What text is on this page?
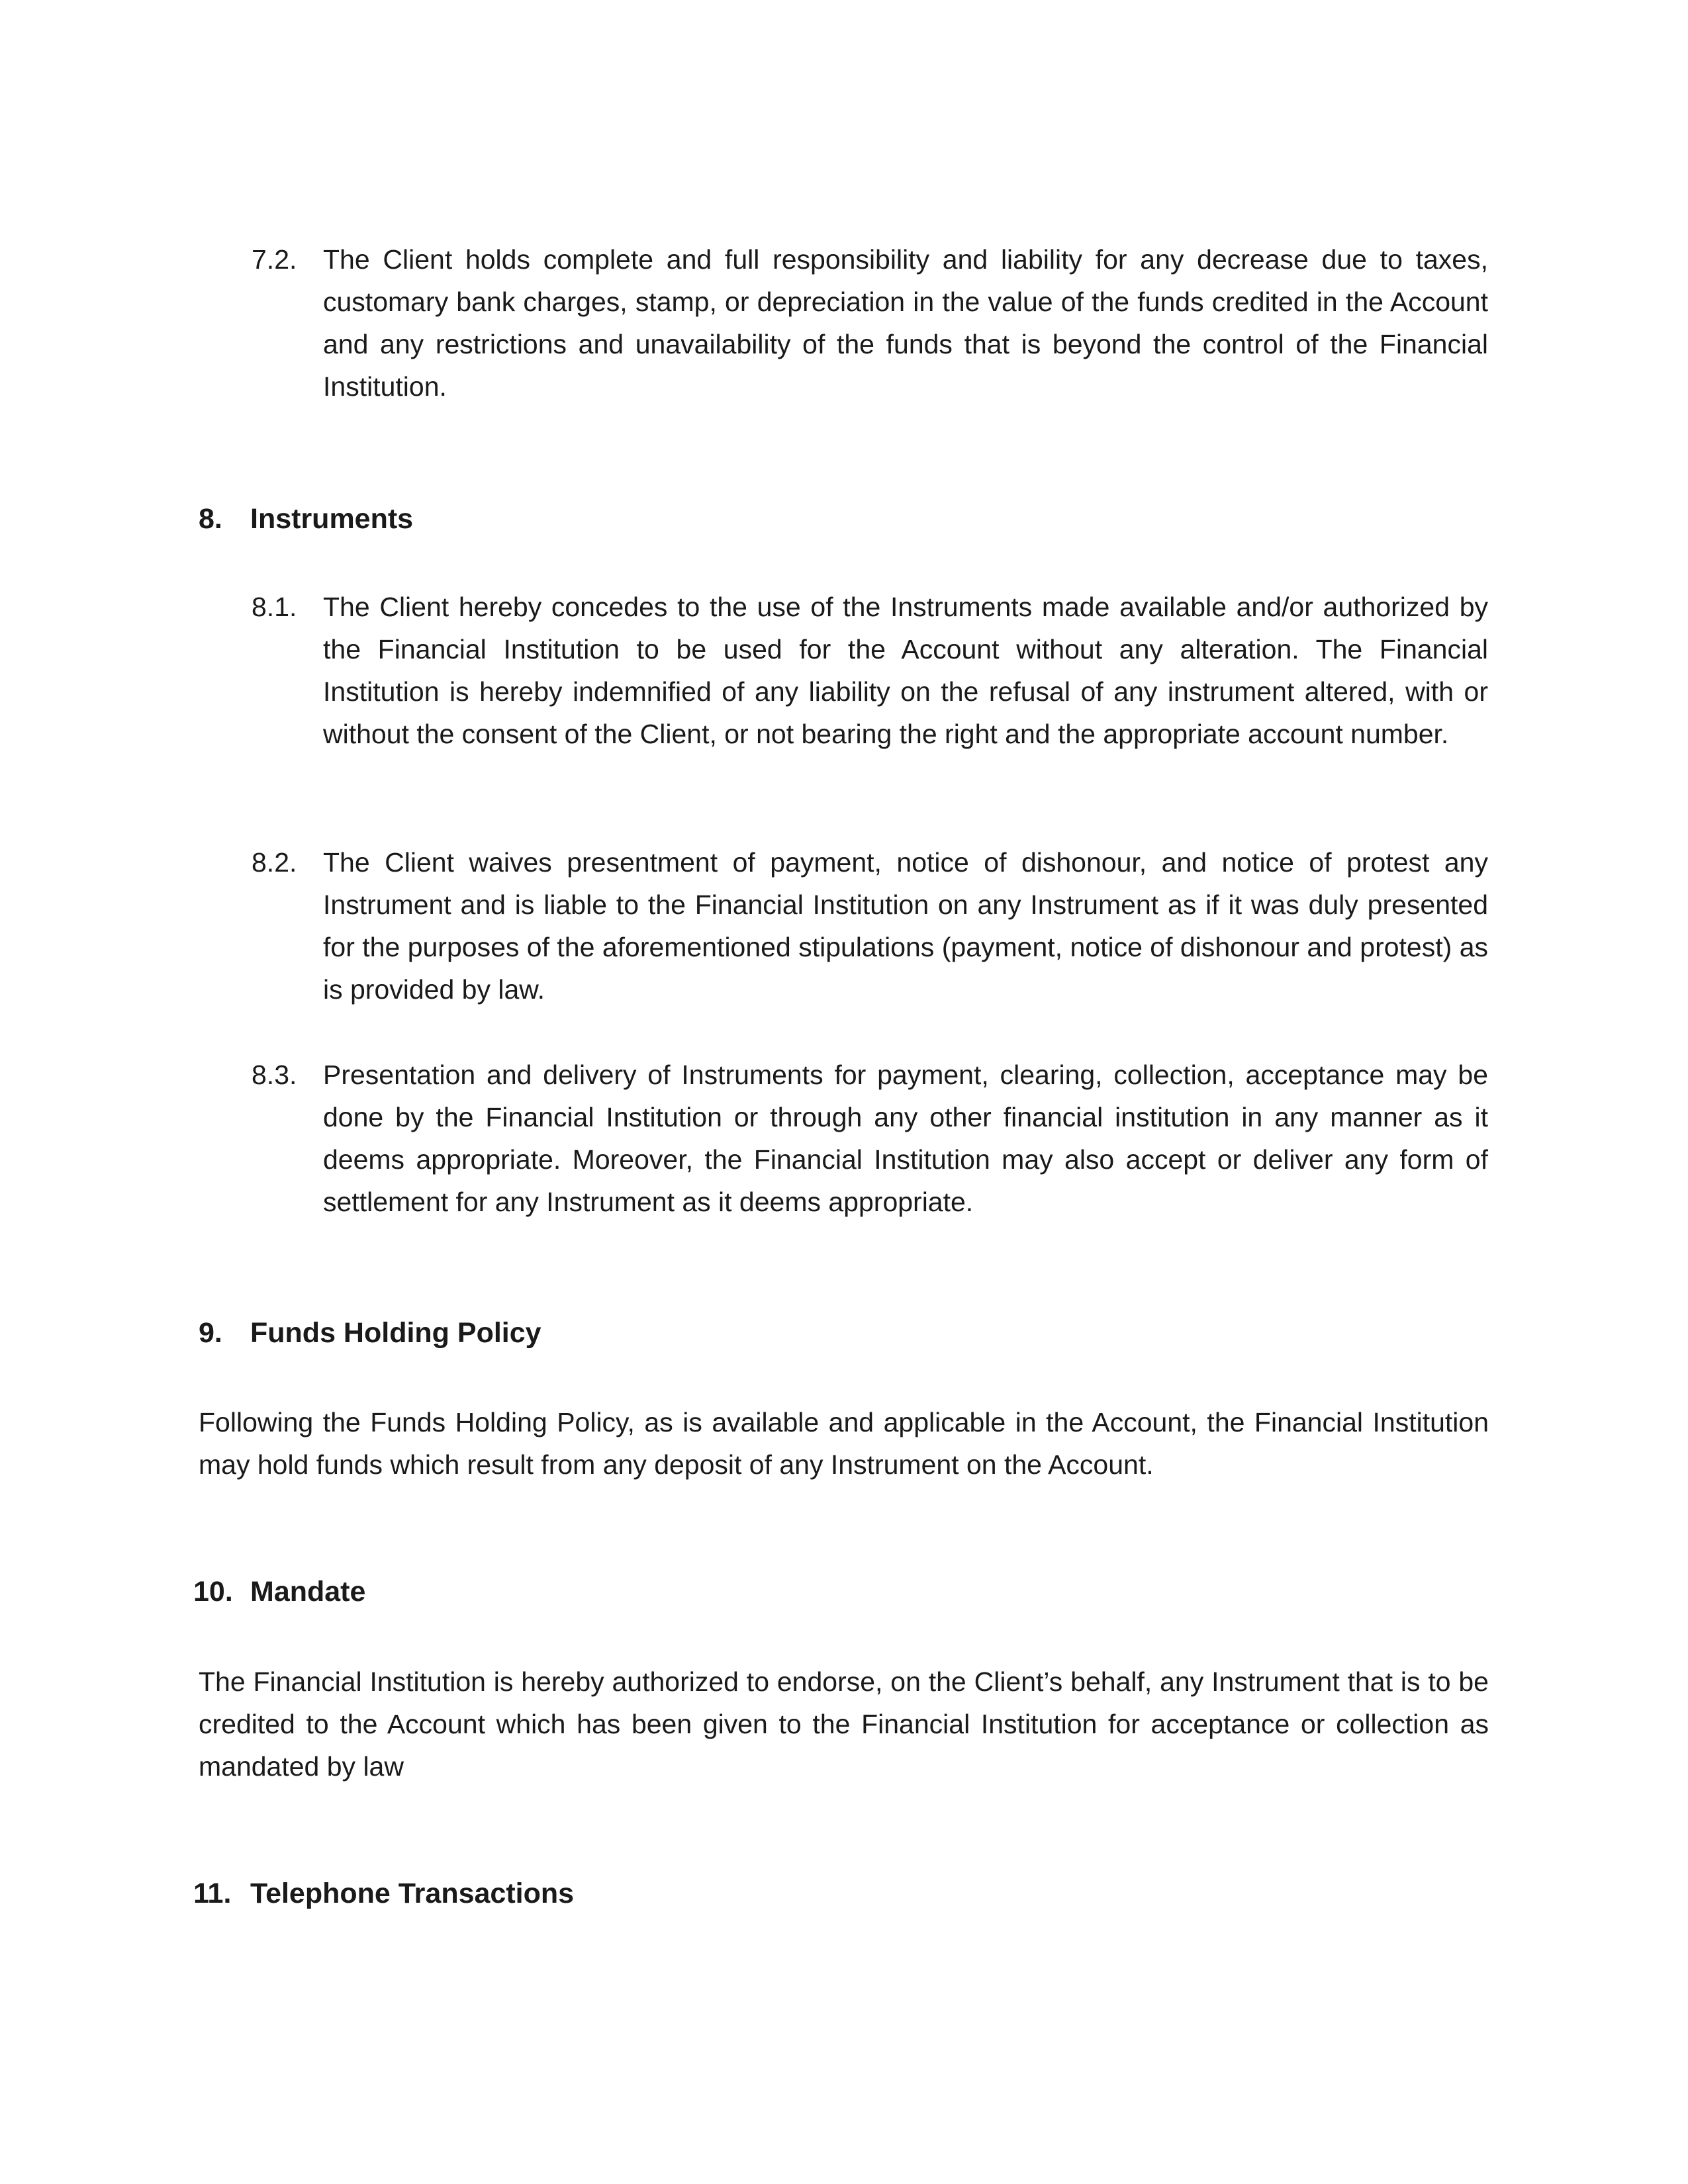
7.2. The Client holds complete and full responsibility and liability for any decrease due to taxes, customary bank charges, stamp, or depreciation in the value of the funds credited in the Account and any restrictions and unavailability of the funds that is beyond the control of the Financial Institution.
8. Instruments
8.1. The Client hereby concedes to the use of the Instruments made available and/or authorized by the Financial Institution to be used for the Account without any alteration. The Financial Institution is hereby indemnified of any liability on the refusal of any instrument altered, with or without the consent of the Client, or not bearing the right and the appropriate account number.
8.2. The Client waives presentment of payment, notice of dishonour, and notice of protest any Instrument and is liable to the Financial Institution on any Instrument as if it was duly presented for the purposes of the aforementioned stipulations (payment, notice of dishonour and protest) as is provided by law.
8.3. Presentation and delivery of Instruments for payment, clearing, collection, acceptance may be done by the Financial Institution or through any other financial institution in any manner as it deems appropriate. Moreover, the Financial Institution may also accept or deliver any form of settlement for any Instrument as it deems appropriate.
9. Funds Holding Policy
Following the Funds Holding Policy, as is available and applicable in the Account, the Financial Institution may hold funds which result from any deposit of any Instrument on the Account.
10. Mandate
The Financial Institution is hereby authorized to endorse, on the Client’s behalf, any Instrument that is to be credited to the Account which has been given to the Financial Institution for acceptance or collection as mandated by law
11. Telephone Transactions
